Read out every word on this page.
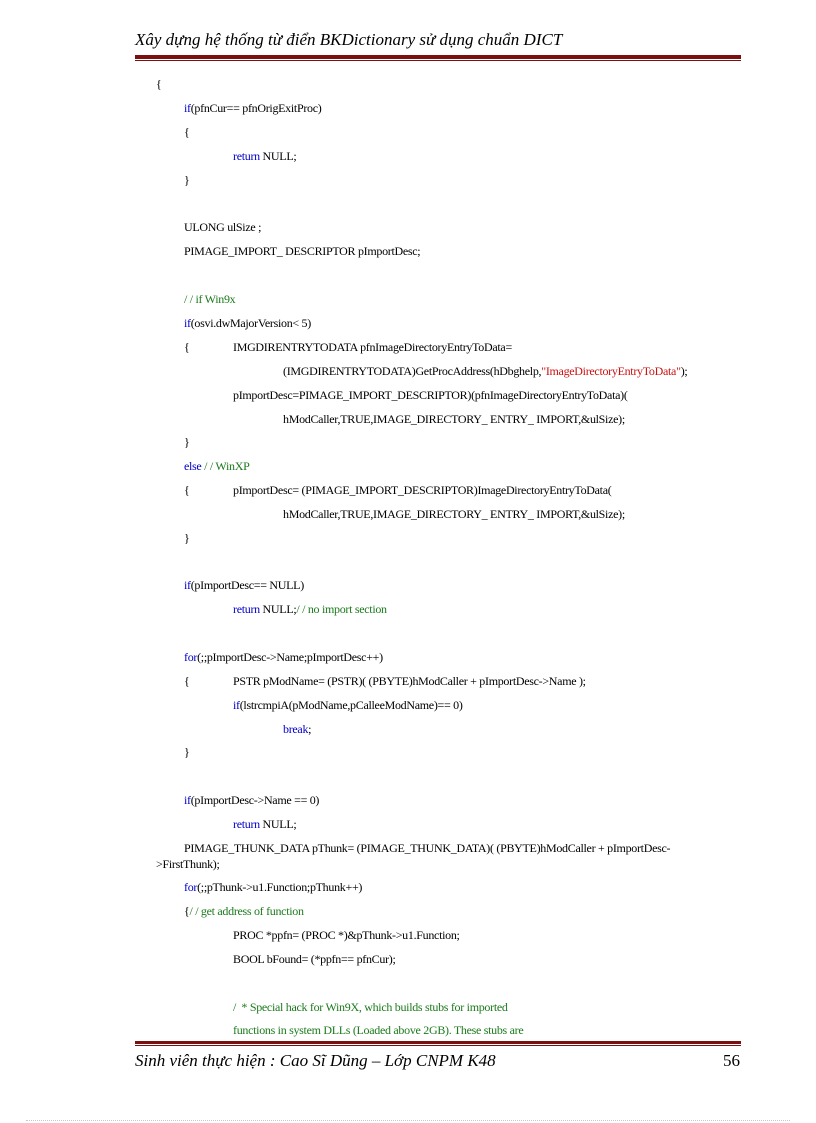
Xây dựng hệ thống từ điển BKDictionary sử dụng chuẩn DICT
{
if(pfnCur== pfnOrigExitProc)
{
return NULL;
}
ULONG ulSize ;
PIMAGE_IMPORT_ DESCRIPTOR pImportDesc;
/ / if Win9x
if(osvi.dwMajorVersion< 5)
{	IMGDIRENTRYTODATA pfnImageDirectoryEntryToData=
(IMGDIRENTRYTODATA)GetProcAddress(hDbghelp,"ImageDirectoryEntryToData");
pImportDesc=PIMAGE_IMPORT_DESCRIPTOR)(pfnImageDirectoryEntryToData)(
hModCaller,TRUE,IMAGE_DIRECTORY_ ENTRY_ IMPORT,&ulSize);
}
else / / WinXP
{	pImportDesc= (PIMAGE_IMPORT_DESCRIPTOR)ImageDirectoryEntryToData(
hModCaller,TRUE,IMAGE_DIRECTORY_ ENTRY_ IMPORT,&ulSize);
}
if(pImportDesc== NULL)
return NULL;/ / no import section
for(;;pImportDesc->Name;pImportDesc++)
{	PSTR pModName= (PSTR)( (PBYTE)hModCaller + pImportDesc->Name );
if(lstrcmpiA(pModName,pCalleeModName)== 0)
break;
}
if(pImportDesc->Name == 0)
return NULL;
PIMAGE_THUNK_DATA pThunk= (PIMAGE_THUNK_DATA)( (PBYTE)hModCaller + pImportDesc-
>FirstThunk);
for(;;pThunk->u1.Function;pThunk++)
{/ / get address of function
PROC *ppfn= (PROC *)&pThunk->u1.Function;
BOOL bFound= (*ppfn== pfnCur);
/  * Special hack for Win9X, which builds stubs for imported
functions in system DLLs (Loaded above 2GB). These stubs are
Sinh viên thực hiện : Cao Sĩ Dũng – Lớp CNPM K48	56
